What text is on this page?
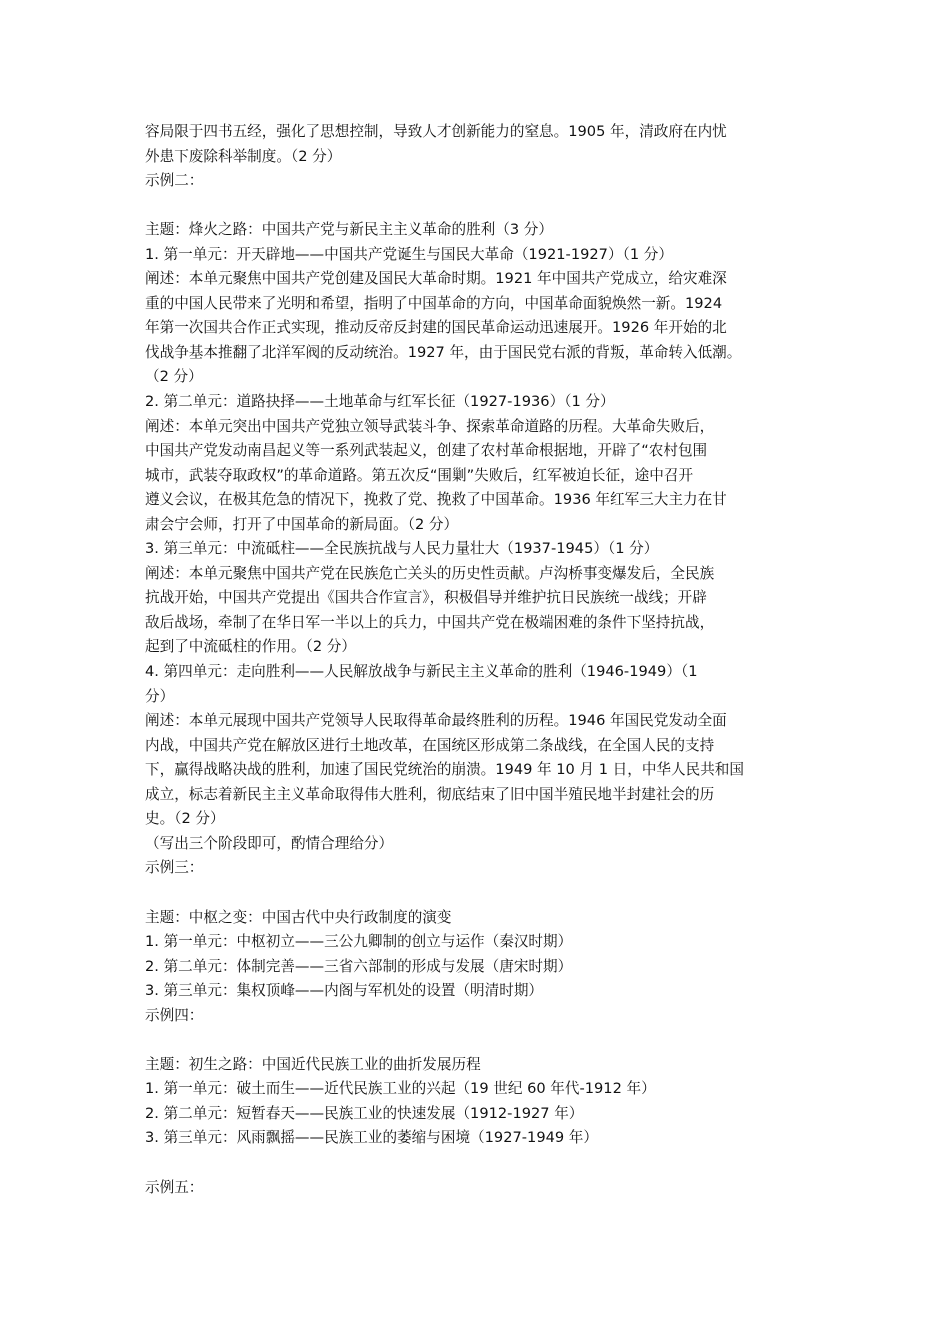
容局限于四书五经，强化了思想控制，导致人才创新能力的窒息。1905 年，清政府在内忧
外患下废除科举制度。（2 分）
示例二：
主题：烽火之路：中国共产党与新民主主义革命的胜利（3 分）
1. 第一单元：开天辟地——中国共产党诞生与国民大革命（1921-1927）（1 分）
阐述：本单元聚焦中国共产党创建及国民大革命时期。1921 年中国共产党成立，给灾难深
重的中国人民带来了光明和希望，指明了中国革命的方向，中国革命面貌焕然一新。1924
年第一次国共合作正式实现，推动反帝反封建的国民革命运动迅速展开。1926 年开始的北
伐战争基本推翻了北洋军阀的反动统治。1927 年，由于国民党右派的背叛，革命转入低潮。
（2 分）
2. 第二单元：道路抉择——土地革命与红军长征（1927-1936）（1 分）
阐述：本单元突出中国共产党独立领导武装斗争、探索革命道路的历程。大革命失败后，
中国共产党发动南昌起义等一系列武装起义，创建了农村革命根据地，开辟了“农村包围
城市，武装夺取政权”的革命道路。第五次反“围剿”失败后，红军被迫长征，途中召开
遵义会议，在极其危急的情况下，挽救了党、挽救了中国革命。1936 年红军三大主力在甘
肃会宁会师，打开了中国革命的新局面。（2 分）
3. 第三单元：中流砥柱——全民族抗战与人民力量壮大（1937-1945）（1 分）
阐述：本单元聚焦中国共产党在民族危亡关头的历史性贡献。卢沟桥事变爆发后，全民族
抗战开始，中国共产党提出《国共合作宣言》，积极倡导并维护抗日民族统一战线；开辟
敌后战场，牵制了在华日军一半以上的兵力，中国共产党在极端困难的条件下坚持抗战，
起到了中流砥柱的作用。（2 分）
4. 第四单元：走向胜利——人民解放战争与新民主主义革命的胜利（1946-1949）（1
分）
阐述：本单元展现中国共产党领导人民取得革命最终胜利的历程。1946 年国民党发动全面
内战，中国共产党在解放区进行土地改革，在国统区形成第二条战线，在全国人民的支持
下，赢得战略决战的胜利，加速了国民党统治的崩溃。1949 年 10 月 1 日，中华人民共和国
成立，标志着新民主主义革命取得伟大胜利，彻底结束了旧中国半殖民地半封建社会的历
史。（2 分）
（写出三个阶段即可，酌情合理给分）
示例三：
主题：中枢之变：中国古代中央行政制度的演变
1. 第一单元：中枢初立——三公九卿制的创立与运作（秦汉时期）
2. 第二单元：体制完善——三省六部制的形成与发展（唐宋时期）
3. 第三单元：集权顶峰——内阁与军机处的设置（明清时期）
示例四：
主题：初生之路：中国近代民族工业的曲折发展历程
1. 第一单元：破土而生——近代民族工业的兴起（19 世纪 60 年代-1912 年）
2. 第二单元：短暂春天——民族工业的快速发展（1912-1927 年）
3. 第三单元：风雨飘摇——民族工业的萎缩与困境（1927-1949 年）
示例五：
